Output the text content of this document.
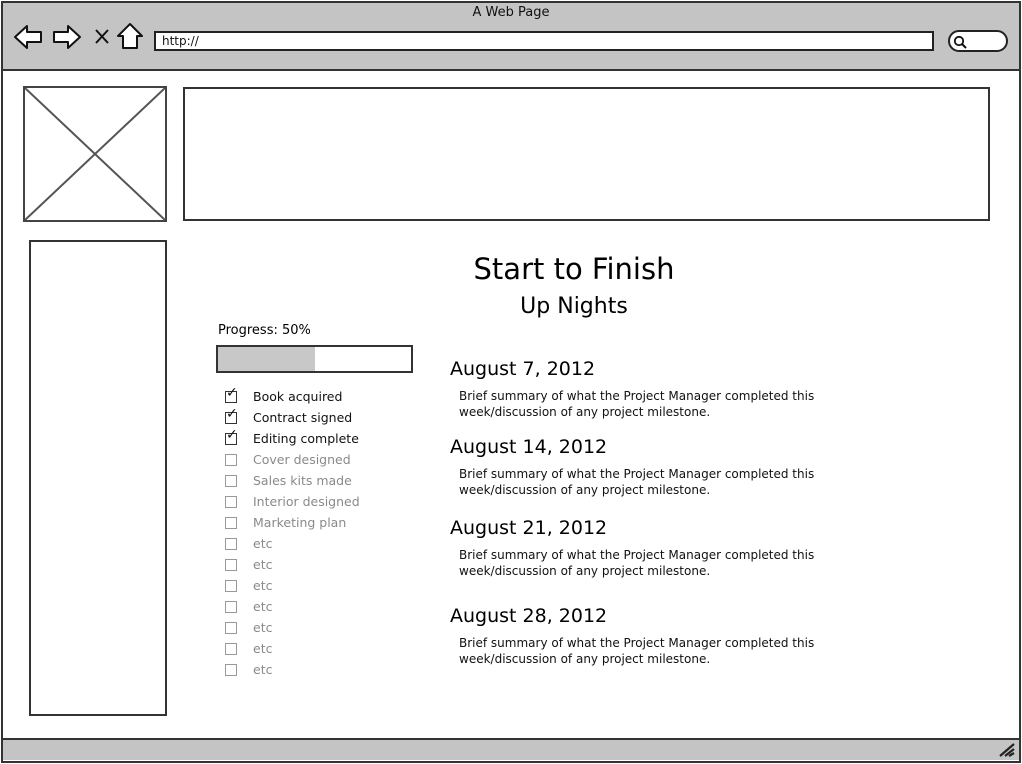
A Web Page
http://
Start to Finish
Up Nights
Progress: 50%
✓ Book acquired
✓ Contract signed
✓ Editing complete
Cover designed
Sales kits made
Interior designed
Marketing plan
etc
etc
etc
etc
etc
etc
etc
August 7, 2012
Brief summary of what the Project Manager completed this week/discussion of any project milestone.
August 14, 2012
Brief summary of what the Project Manager completed this week/discussion of any project milestone.
August 21, 2012
Brief summary of what the Project Manager completed this week/discussion of any project milestone.
August 28, 2012
Brief summary of what the Project Manager completed this week/discussion of any project milestone.
